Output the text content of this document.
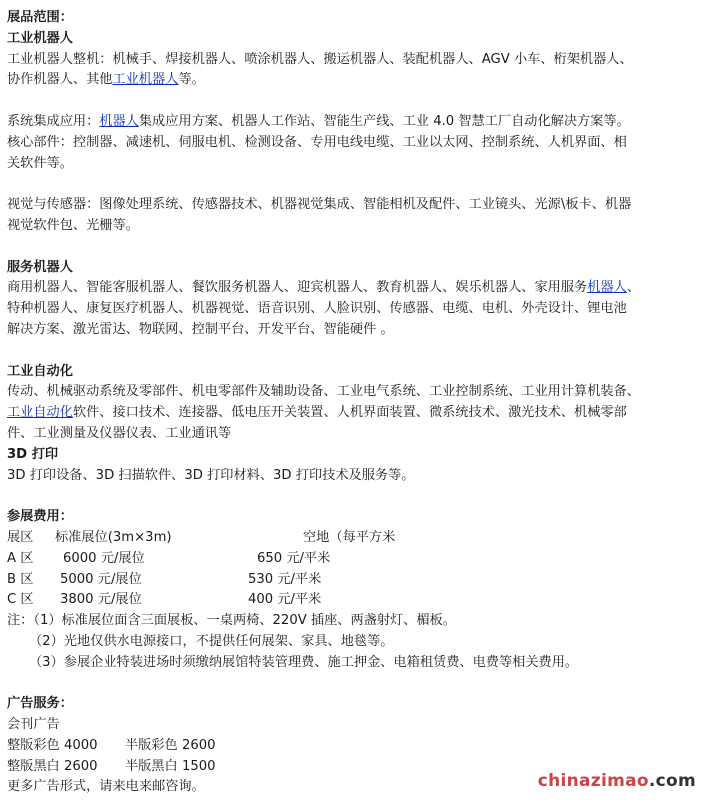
展品范围：
工业机器人
工业机器人整机：机械手、焊接机器人、喷涂机器人、搬运机器人、装配机器人、AGV 小车、桁架机器人、
协作机器人、其他工业机器人等。
系统集成应用：机器人集成应用方案、机器人工作站、智能生产线、工业 4.0 智慧工厂自动化解决方案等。
核心部件：控制器、减速机、伺服电机、检测设备、专用电线电缆、工业以太网、控制系统、人机界面、相
关软件等。
视觉与传感器：图像处理系统、传感器技术、机器视觉集成、智能相机及配件、工业镜头、光源\板卡、机器
视觉软件包、光栅等。
服务机器人
商用机器人、智能客服机器人、餐饮服务机器人、迎宾机器人、教育机器人、娱乐机器人、家用服务机器人、
特种机器人、康复医疗机器人、机器视觉、语音识别、人脸识别、传感器、电缆、电机、外壳设计、锂电池
解决方案、激光雷达、物联网、控制平台、开发平台、智能硬件 。
工业自动化
传动、机械驱动系统及零部件、机电零部件及辅助设备、工业电气系统、工业控制系统、工业用计算机装备、
工业自动化软件、接口技术、连接器、低电压开关装置、人机界面装置、微系统技术、激光技术、机械零部
件、工业测量及仪器仪表、工业通讯等
3D 打印
3D 打印设备、3D 扫描软件、3D 打印材料、3D 打印技术及服务等。
参展费用：
展区	标准展位(3m×3m)	空地（每平方米
A 区	6000 元/展位	650 元/平米
B 区	5000 元/展位	530 元/平米
C 区	3800 元/展位	400 元/平米
注：（1）标准展位面含三面展板、一桌两椅、220V 插座、两盏射灯、楣板。
（2）光地仅供水电源接口，不提供任何展架、家具、地毯等。
（3）参展企业特装进场时须缴纳展馆特装管理费、施工押金、电箱租赁费、电费等相关费用。
广告服务：
会刊广告
整版彩色 4000	半版彩色 2600
整版黑白 2600	半版黑白 1500
更多广告形式，请来电来邮咨询。	chinazimao.com
